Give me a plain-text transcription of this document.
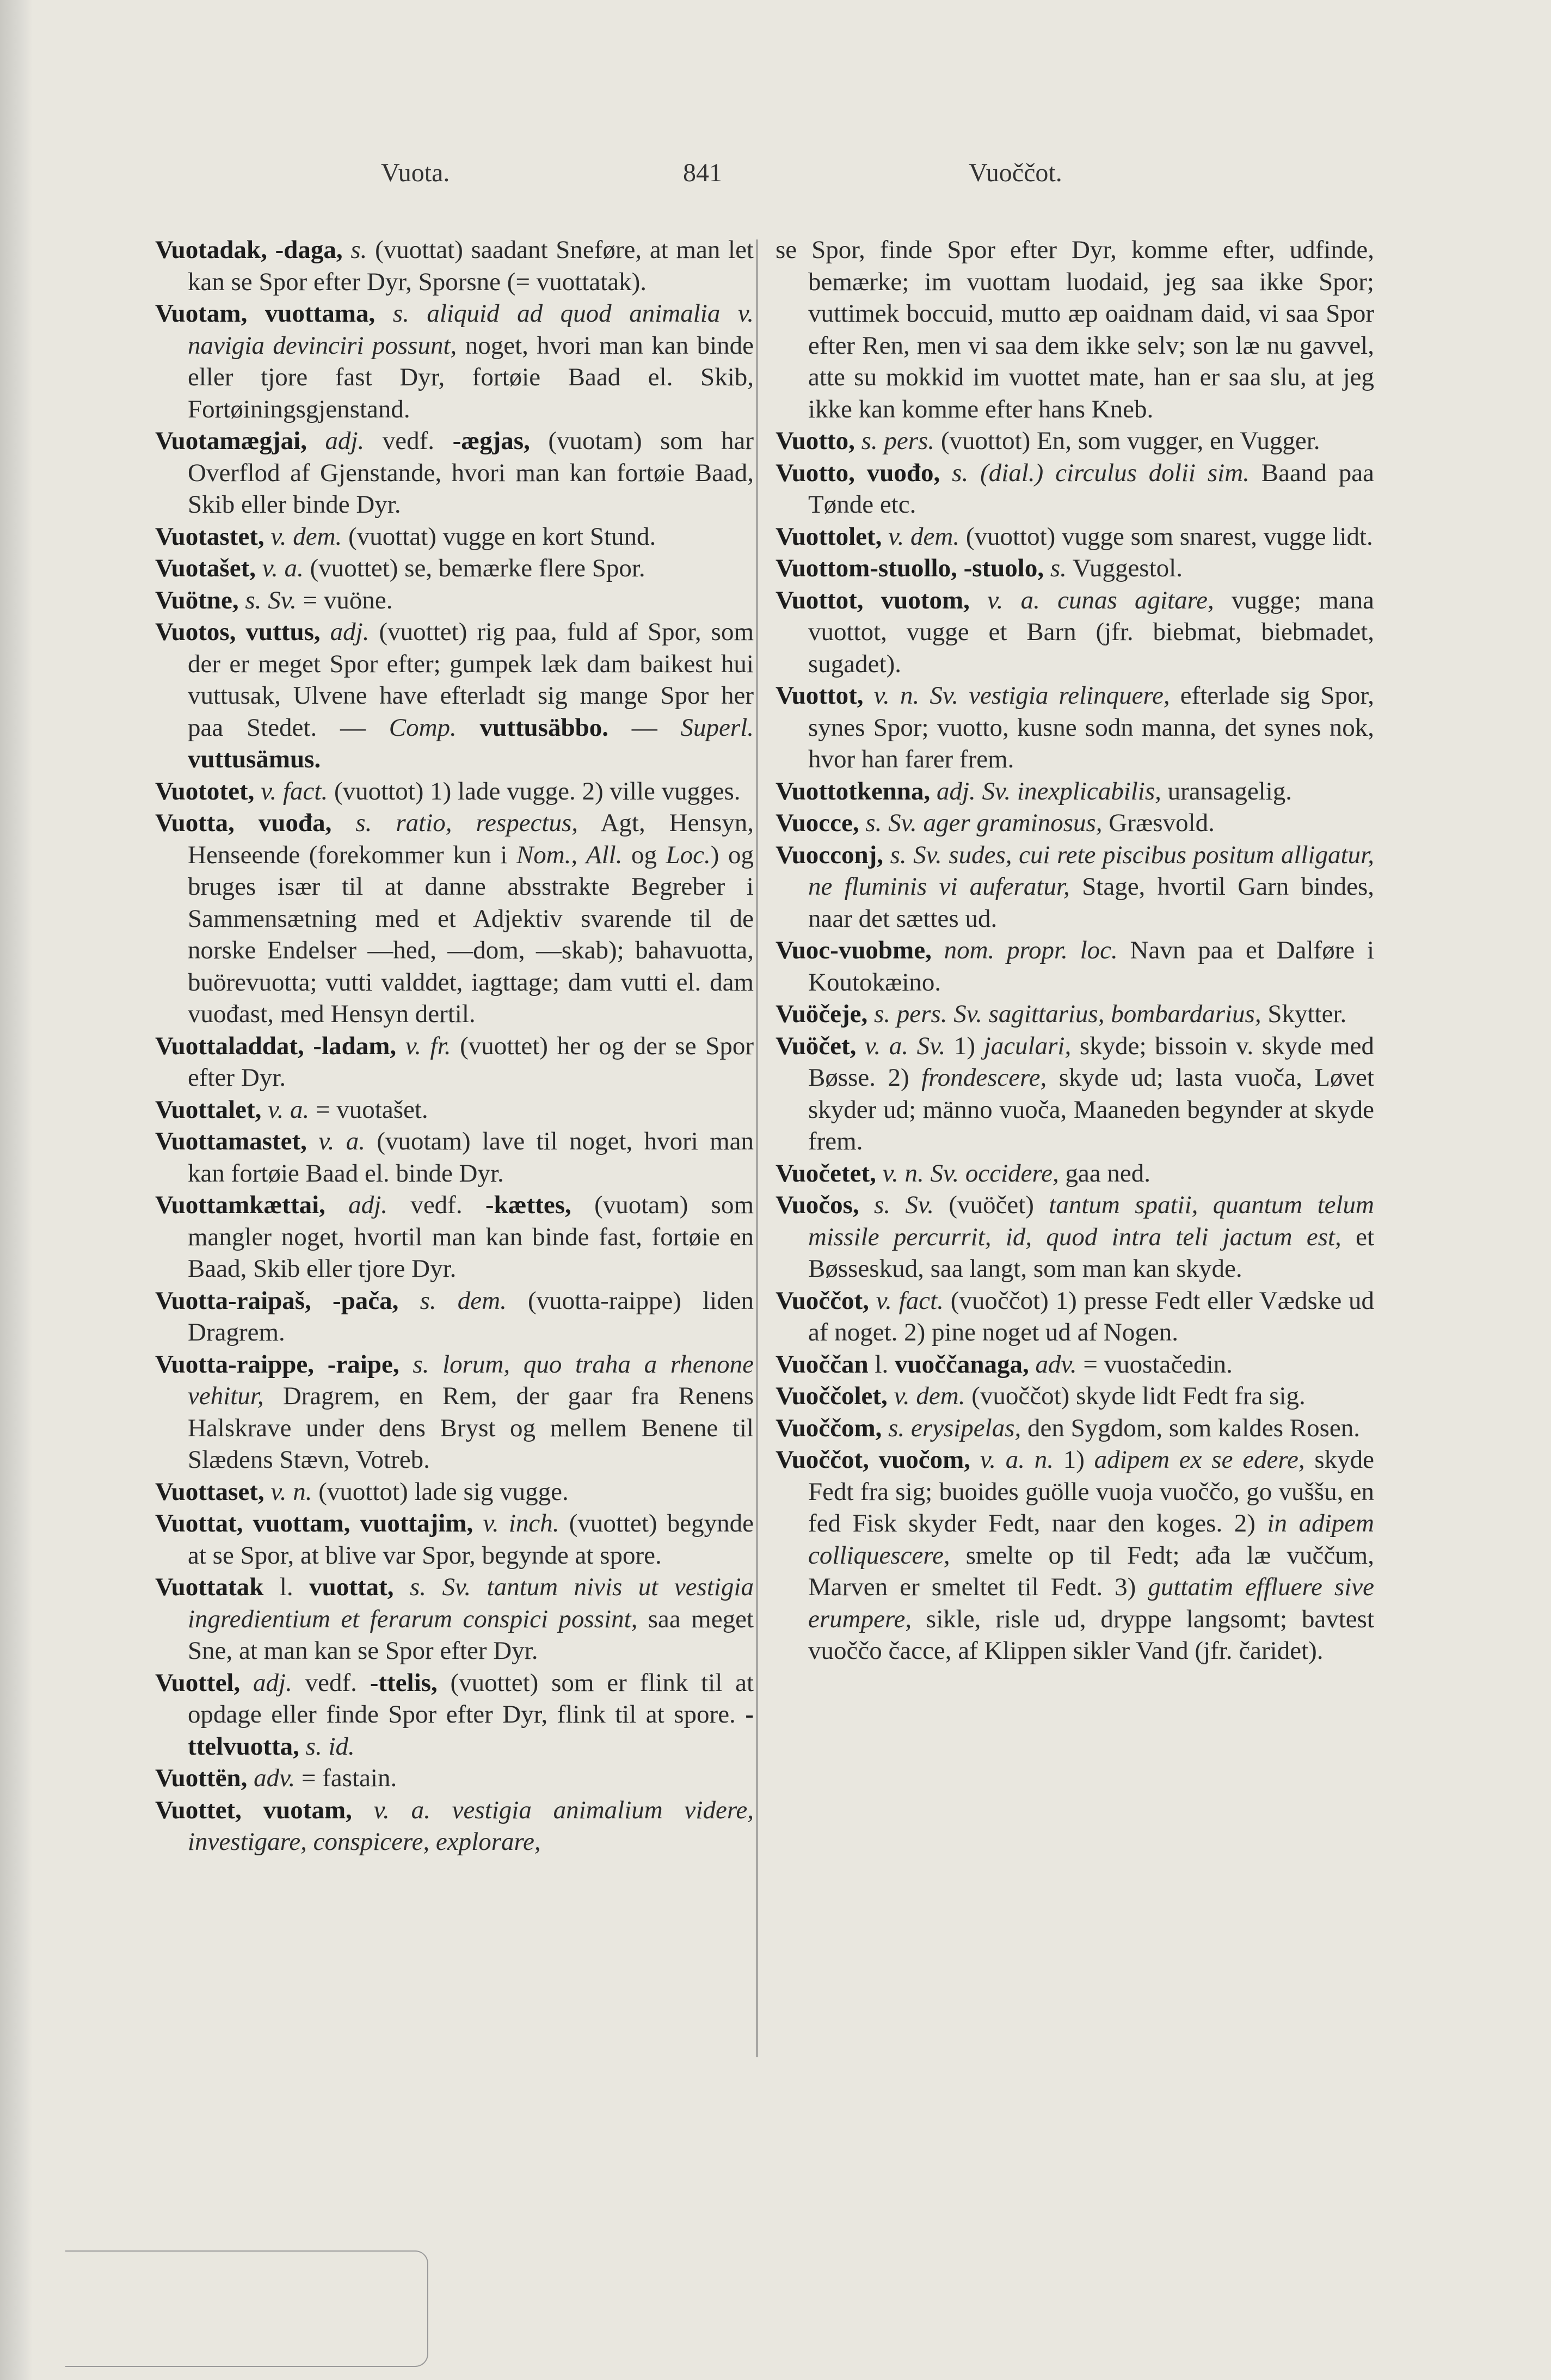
Vuota.	841	Vuoččot.

Vuotadak, -daga, s. (vuottat) saadant Sneføre, at man let kan se Spor efter Dyr, Sporsne (= vuottatak).

Vuotam, vuottama, s. aliquid ad quod animalia v. navigia devinciri possunt, noget, hvori man kan binde eller tjore fast Dyr, fortøie Baad el. Skib, Fortøiningsgjenstand.

Vuotamægjai, adj. vedf. -ægjas, (vuotam) som har Overflod af Gjenstande, hvori man kan fortøie Baad, Skib eller binde Dyr.

Vuotastet, v. dem. (vuottat) vugge en kort Stund.

Vuotašet, v. a. (vuottet) se, bemærke flere Spor.

Vuötne, s. Sv. = vuöne.

Vuotos, vuttus, adj. (vuottet) rig paa, fuld af Spor, som der er meget Spor efter; gumpek læk dam baikest hui vuttusak, Ulvene have efterladt sig mange Spor her paa Stedet. — Comp. vuttusäbbo. — Superl. vuttusämus.

Vuototet, v. fact. (vuottot) 1) lade vugge. 2) ville vugges.

Vuotta, vuođa, s. ratio, respectus, Agt, Hensyn, Henseende (forekommer kun i Nom., All. og Loc.) og bruges især til at danne absstrakte Begreber i Sammensætning med et Adjektiv svarende til de norske Endelser —hed, —dom, —skab); bahavuotta, buörevuotta; vutti valddet, iagttage; dam vutti el. dam vuođast, med Hensyn dertil.

Vuottaladdat, -ladam, v. fr. (vuottet) her og der se Spor efter Dyr.

Vuottalet, v. a. = vuotašet.

Vuottamastet, v. a. (vuotam) lave til noget, hvori man kan fortøie Baad el. binde Dyr.

Vuottamkættai, adj. vedf. -kættes, (vuotam) som mangler noget, hvortil man kan binde fast, fortøie en Baad, Skib eller tjore Dyr.

Vuotta-raipaš, -pača, s. dem. (vuotta-raippe) liden Dragrem.

Vuotta-raippe, -raipe, s. lorum, quo traha a rhenone vehitur, Dragrem, en Rem, der gaar fra Renens Halskrave under dens Bryst og mellem Benene til Slædens Stævn, Votreb.

Vuottaset, v. n. (vuottot) lade sig vugge.

Vuottat, vuottam, vuottajim, v. inch. (vuottet) begynde at se Spor, at blive var Spor, begynde at spore.

Vuottatak l. vuottat, s. Sv. tantum nivis ut vestigia ingredientium et ferarum conspici possint, saa meget Sne, at man kan se Spor efter Dyr.

Vuottel, adj. vedf. -ttelis, (vuottet) som er flink til at opdage eller finde Spor efter Dyr, flink til at spore. -ttelvuotta, s. id.

Vuottën, adv. = fastain.

Vuottet, vuotam, v. a. vestigia animalium videre, investigare, conspicere, explorare,

se Spor, finde Spor efter Dyr, komme efter, udfinde, bemærke; im vuottam luodaid, jeg saa ikke Spor; vuttimek boccuid, mutto æp oaidnam daid, vi saa Spor efter Ren, men vi saa dem ikke selv; son læ nu gavvel, atte su mokkid im vuottet mate, han er saa slu, at jeg ikke kan komme efter hans Kneb.

Vuotto, s. pers. (vuottot) En, som vugger, en Vugger.

Vuotto, vuođo, s. (dial.) circulus dolii sim. Baand paa Tønde etc.

Vuottolet, v. dem. (vuottot) vugge som snarest, vugge lidt.

Vuottom-stuollo, -stuolo, s. Vuggestol.

Vuottot, vuotom, v. a. cunas agitare, vugge; mana vuottot, vugge et Barn (jfr. biebmat, biebmadet, sugadet).

Vuottot, v. n. Sv. vestigia relinquere, efterlade sig Spor, synes Spor; vuotto, kusne sodn manna, det synes nok, hvor han farer frem.

Vuottotkenna, adj. Sv. inexplicabilis, uransagelig.

Vuocce, s. Sv. ager graminosus, Græsvold.

Vuocconj, s. Sv. sudes, cui rete piscibus positum alligatur, ne fluminis vi auferatur, Stage, hvortil Garn bindes, naar det sættes ud.

Vuoc-vuobme, nom. propr. loc. Navn paa et Dalføre i Koutokæino.

Vuöčeje, s. pers. Sv. sagittarius, bombardarius, Skytter.

Vuöčet, v. a. Sv. 1) jaculari, skyde; bissoin v. skyde med Bøsse. 2) frondescere, skyde ud; lasta vuoča, Løvet skyder ud; männo vuoča, Maaneden begynder at skyde frem.

Vuočetet, v. n. Sv. occidere, gaa ned.

Vuočos, s. Sv. (vuöčet) tantum spatii, quantum telum missile percurrit, id, quod intra teli jactum est, et Bøsseskud, saa langt, som man kan skyde.

Vuoččot, v. fact. (vuoččot) 1) presse Fedt eller Vædske ud af noget. 2) pine noget ud af Nogen.

Vuoččan l. vuoččanaga, adv. = vuostačedin.

Vuoččolet, v. dem. (vuoččot) skyde lidt Fedt fra sig.

Vuoččom, s. erysipelas, den Sygdom, som kaldes Rosen.

Vuoččot, vuočom, v. a. n. 1) adipem ex se edere, skyde Fedt fra sig; buoides guölle vuoja vuoččo, go vuššu, en fed Fisk skyder Fedt, naar den koges. 2) in adipem colliquescere, smelte op til Fedt; ađa læ vuččum, Marven er smeltet til Fedt. 3) guttatim effluere sive erumpere, sikle, risle ud, dryppe langsomt; bavtest vuoččo čacce, af Klippen sikler Vand (jfr. čaridet).
